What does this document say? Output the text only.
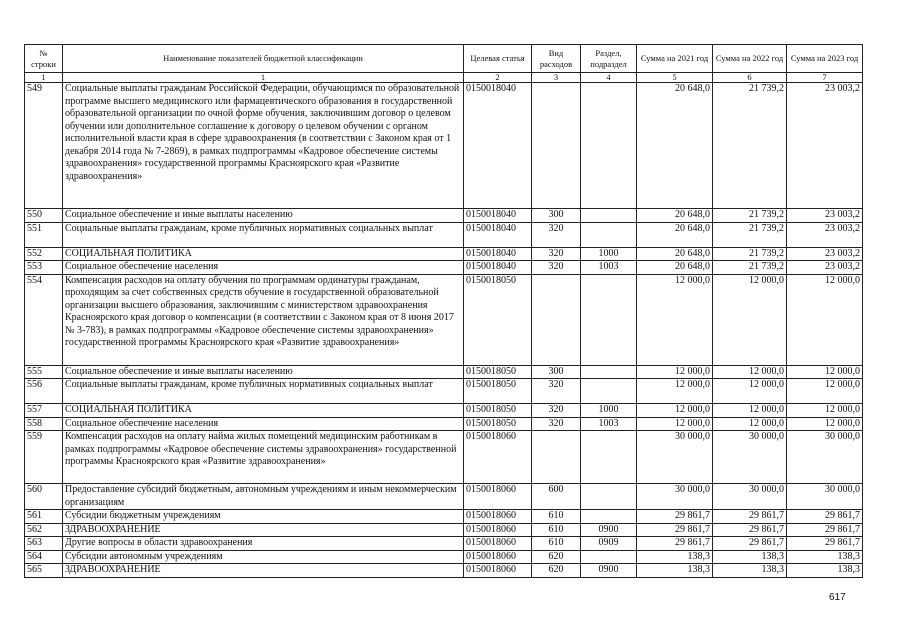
№ строки	Наименование показателей бюджетной классификации	Целевая статья	Вид расходов	Раздел, подраздел	Сумма на 2021 год	Сумма на 2022 год	Сумма на 2023 год
1	1	2	3	4	5	6	7
549	Социальные выплаты гражданам Российской Федерации, обучающимся по образовательной программе высшего медицинского или фармацевтического образования в государственной образовательной организации по очной форме обучения, заключившим договор о целевом обучении или дополнительное соглашение к договору о целевом обучении с органом исполнительной власти края в сфере здравоохранения (в соответствии с Законом края от 1 декабря 2014 года № 7-2869), в рамках подпрограммы «Кадровое обеспечение системы здравоохранения» государственной программы Красноярского края «Развитие здравоохранения»	0150018040			20 648,0	21 739,2	23 003,2
550	Социальное обеспечение и иные выплаты населению	0150018040	300		20 648,0	21 739,2	23 003,2
551	Социальные выплаты гражданам, кроме публичных нормативных социальных выплат	0150018040	320		20 648,0	21 739,2	23 003,2
552	СОЦИАЛЬНАЯ ПОЛИТИКА	0150018040	320	1000	20 648,0	21 739,2	23 003,2
553	Социальное обеспечение населения	0150018040	320	1003	20 648,0	21 739,2	23 003,2
554	Компенсация расходов на оплату обучения по программам ординатуры гражданам, проходящим за счет собственных средств обучение в государственной образовательной организации высшего образования, заключившим с министерством здравоохранения Красноярского края договор о компенсации (в соответствии с Законом края от 8 июня 2017 № 3-783), в рамках подпрограммы «Кадровое обеспечение системы здравоохранения» государственной программы Красноярского края «Развитие здравоохранения»	0150018050			12 000,0	12 000,0	12 000,0
555	Социальное обеспечение и иные выплаты населению	0150018050	300		12 000,0	12 000,0	12 000,0
556	Социальные выплаты гражданам, кроме публичных нормативных социальных выплат	0150018050	320		12 000,0	12 000,0	12 000,0
557	СОЦИАЛЬНАЯ ПОЛИТИКА	0150018050	320	1000	12 000,0	12 000,0	12 000,0
558	Социальное обеспечение населения	0150018050	320	1003	12 000,0	12 000,0	12 000,0
559	Компенсация расходов на оплату найма жилых помещений медицинским работникам в рамках подпрограммы «Кадровое обеспечение системы здравоохранения» государственной программы Красноярского края «Развитие здравоохранения»	0150018060			30 000,0	30 000,0	30 000,0
560	Предоставление субсидий бюджетным, автономным учреждениям и иным некоммерческим организациям	0150018060	600		30 000,0	30 000,0	30 000,0
561	Субсидии бюджетным учреждениям	0150018060	610		29 861,7	29 861,7	29 861,7
562	ЗДРАВООХРАНЕНИЕ	0150018060	610	0900	29 861,7	29 861,7	29 861,7
563	Другие вопросы в области здравоохранения	0150018060	610	0909	29 861,7	29 861,7	29 861,7
564	Субсидии автономным учреждениям	0150018060	620		138,3	138,3	138,3
565	ЗДРАВООХРАНЕНИЕ	0150018060	620	0900	138,3	138,3	138,3
617
